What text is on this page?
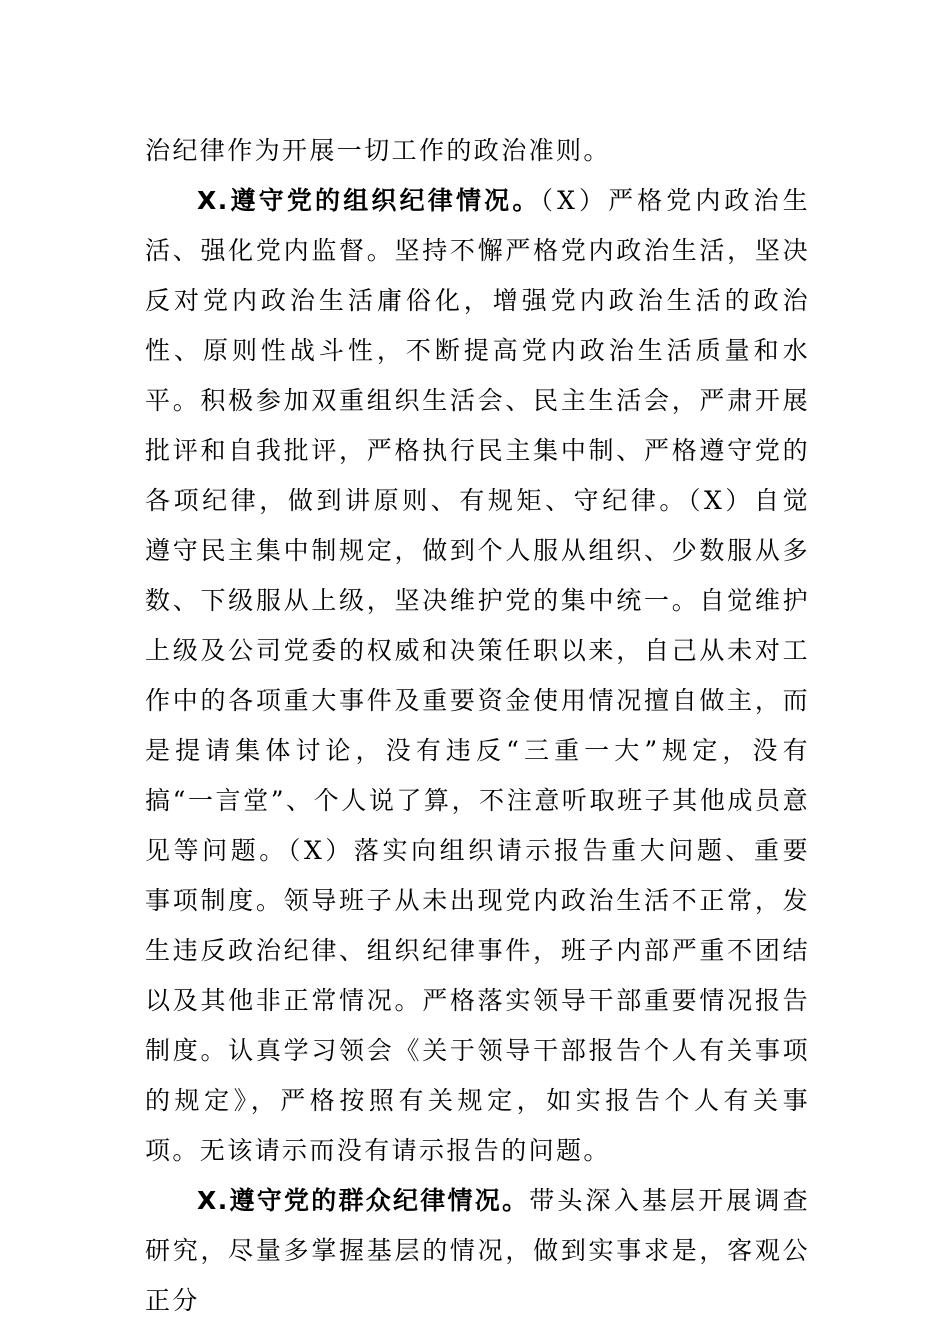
治纪律作为开展一切工作的政治准则。

X.遵守党的组织纪律情况。（X）严格党内政治生活、强化党内监督。坚持不懈严格党内政治生活，坚决反对党内政治生活庸俗化，增强党内政治生活的政治性、原则性战斗性，不断提高党内政治生活质量和水平。积极参加双重组织生活会、民主生活会，严肃开展批评和自我批评，严格执行民主集中制、严格遵守党的各项纪律，做到讲原则、有规矩、守纪律。（X）自觉遵守民主集中制规定，做到个人服从组织、少数服从多数、下级服从上级，坚决维护党的集中统一。自觉维护上级及公司党委的权威和决策任职以来，自己从未对工作中的各项重大事件及重要资金使用情况擅自做主，而是提请集体讨论，没有违反“三重一大”规定，没有搞“一言堂”、个人说了算，不注意听取班子其他成员意见等问题。（X）落实向组织请示报告重大问题、重要事项制度。领导班子从未出现党内政治生活不正常，发生违反政治纪律、组织纪律事件，班子内部严重不团结以及其他非正常情况。严格落实领导干部重要情况报告制度。认真学习领会《关于领导干部报告个人有关事项的规定》，严格按照有关规定，如实报告个人有关事项。无该请示而没有请示报告的问题。

X.遵守党的群众纪律情况。带头深入基层开展调查研究，尽量多掌握基层的情况，做到实事求是，客观公正分
